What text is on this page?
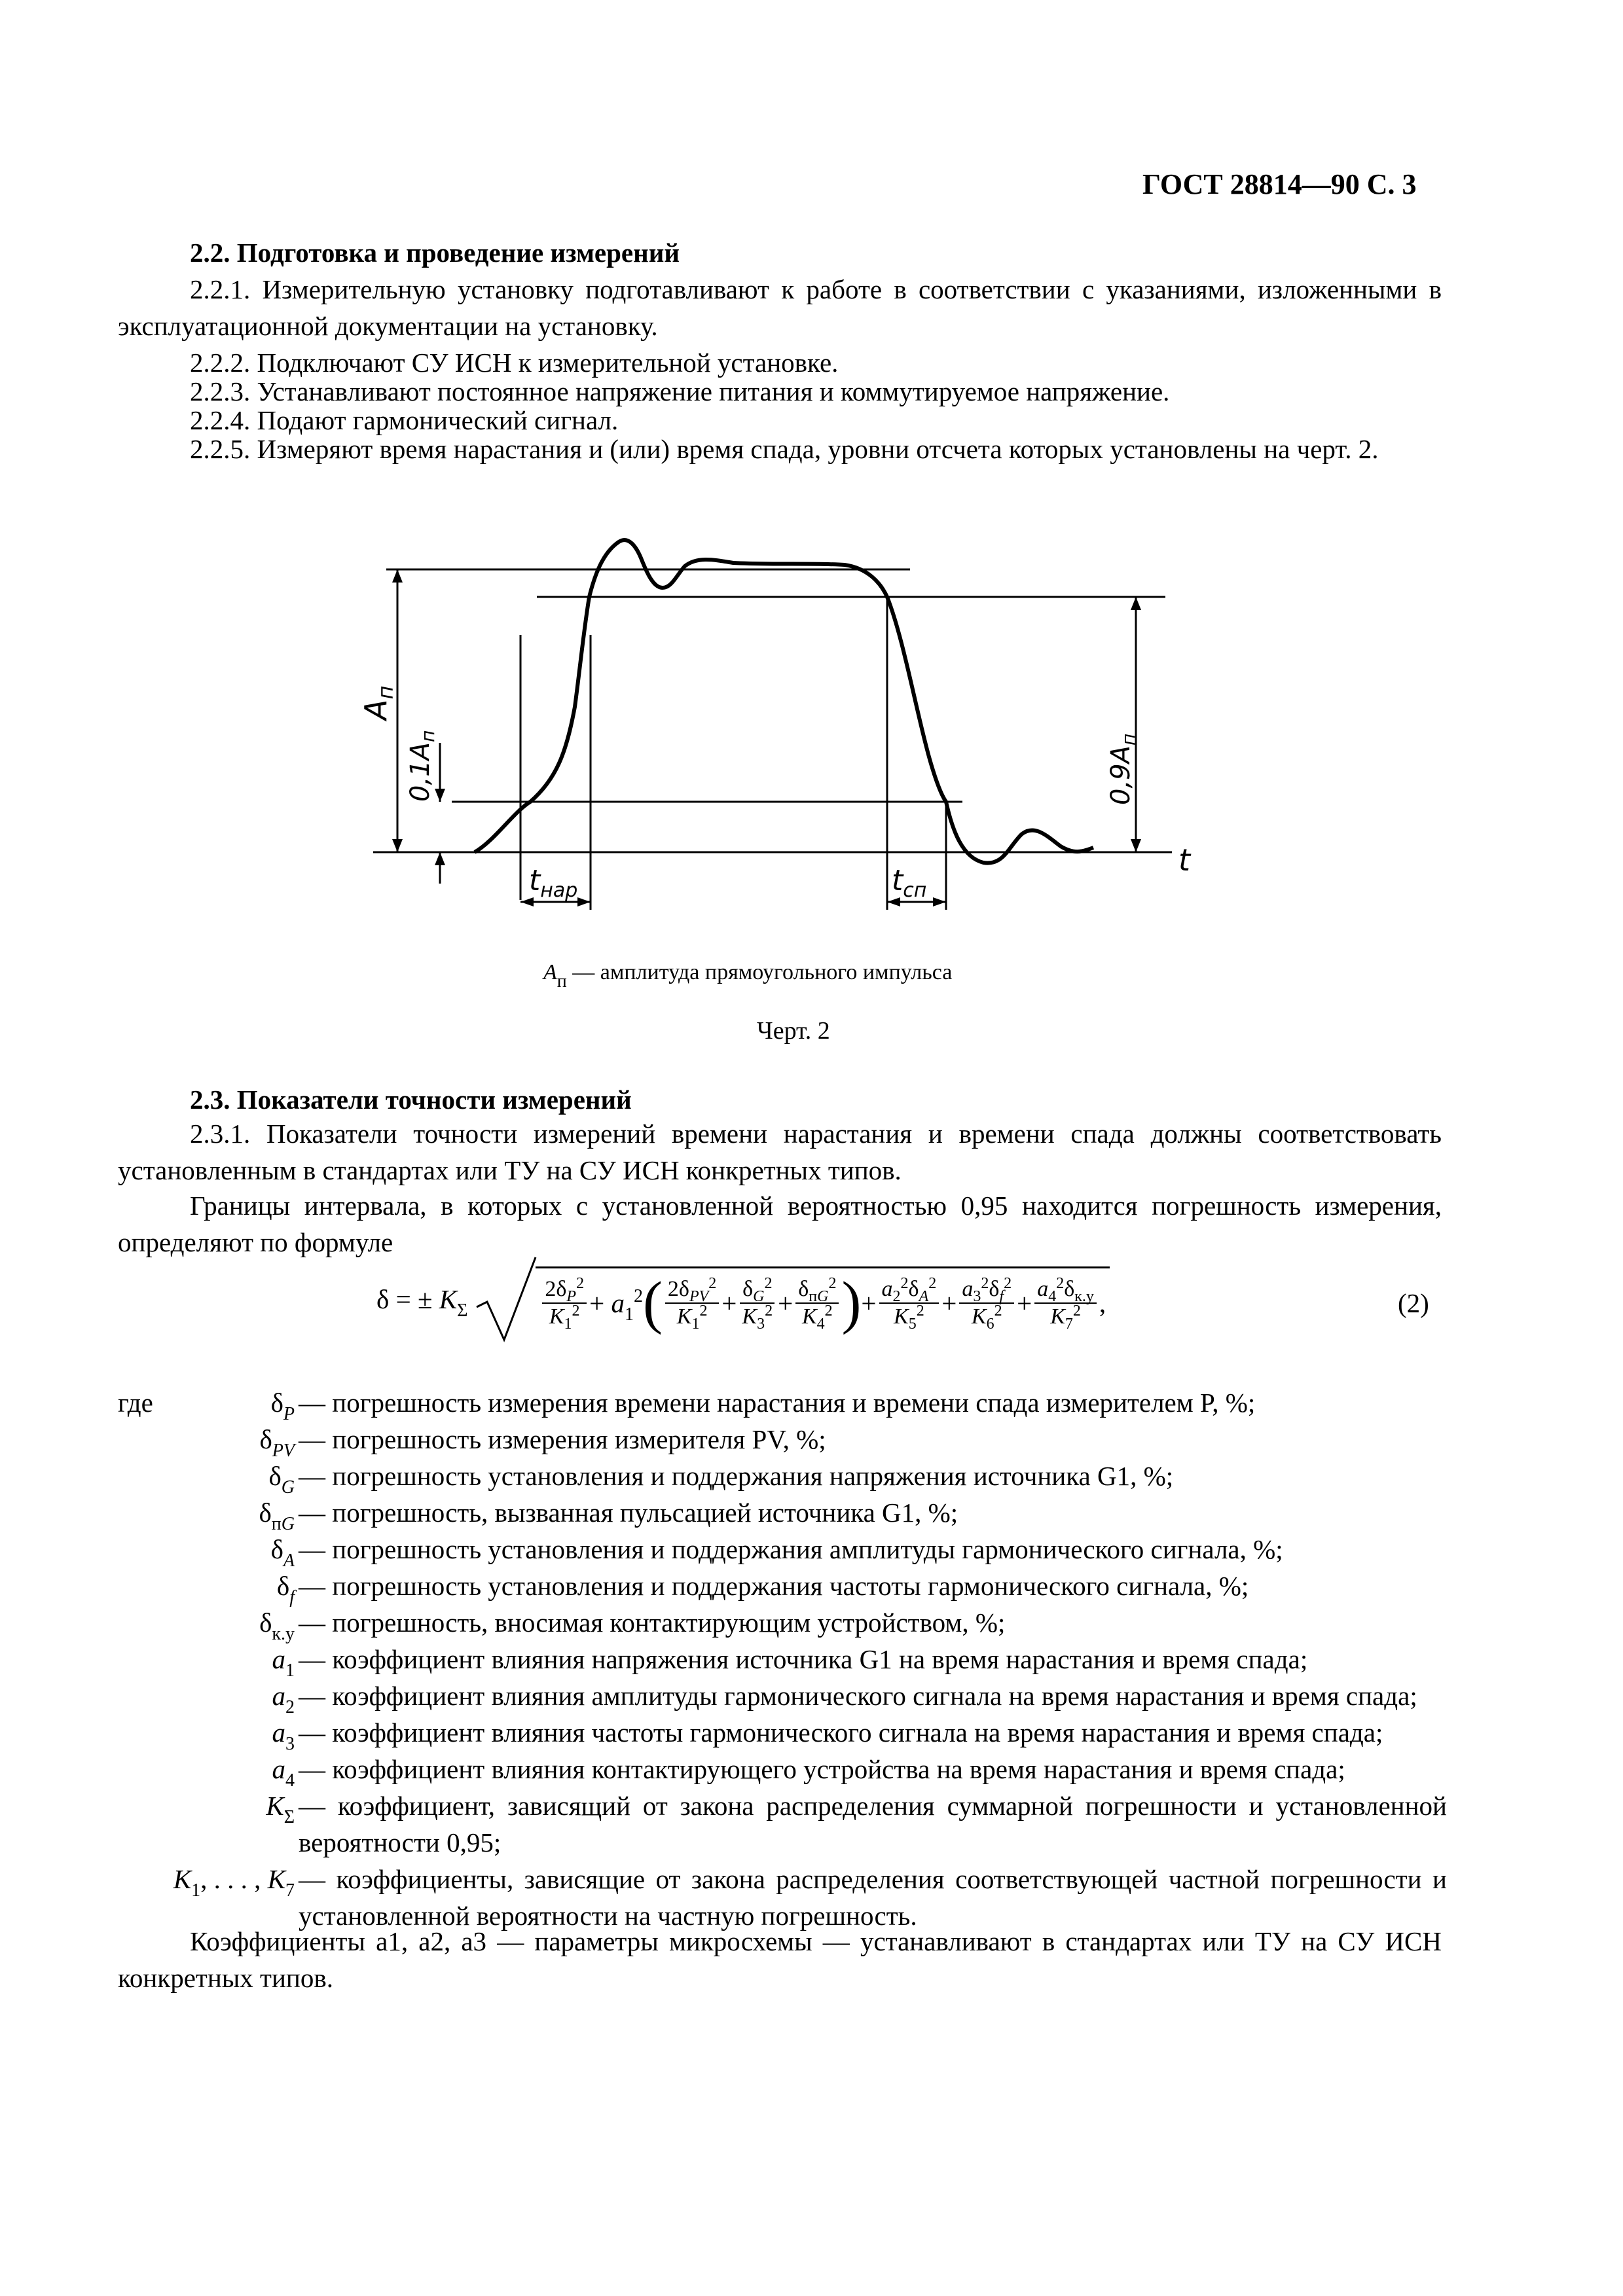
ГОСТ 28814—90 С. 3
2.2. Подготовка и проведение измерений
2.2.1. Измерительную установку подготавливают к работе в соответствии с указаниями, изложенными в эксплуатационной документации на установку.
2.2.2. Подключают СУ ИСН к измерительной установке.
2.2.3. Устанавливают постоянное напряжение питания и коммутируемое напряжение.
2.2.4. Подают гармонический сигнал.
2.2.5. Измеряют время нарастания и (или) время спада, уровни отсчета которых установлены на черт. 2.
$A_п$
$0,1A_п$
$0,9A_п$
t
$t_{нар}$	$t_{сп}$
$A_п$ — амплитуда прямоугольного импульса
Черт. 2
2.3. Показатели точности измерений
2.3.1. Показатели точности измерений времени нарастания и времени спада должны соответствовать установленным в стандартах или ТУ на СУ ИСН конкретных типов.
Границы интервала, в которых с установленной вероятностью 0,95 находится погрешность измерения, определяют по формуле
δ = ± $K_\Sigma$	$\frac{2\delta_P^2}{K_1^2} + a_1^2$ ( $\frac{2\delta_{PV}^2}{K_1^2} + \frac{\delta_G^2}{K_3^2} + \frac{\delta_{пG}^2}{K_4^2}$ ) + $\frac{a_2^2\delta_A^2}{K_5^2} + \frac{a_3^2\delta_f^2}{K_6^2} + \frac{a_4^2\delta_{к.у}}{K_7^2}$ ,	(2)
где	$\delta_P$ — погрешность измерения времени нарастания и времени спада измерителем P, %;
$\delta_{PV}$ — погрешность измерения измерителя PV, %;
$\delta_G$ — погрешность установления и поддержания напряжения источника G1, %;
$\delta_{пG}$ — погрешность, вызванная пульсацией источника G1, %;
$\delta_A$ — погрешность установления и поддержания амплитуды гармонического сигнала, %;
$\delta_f$ — погрешность установления и поддержания частоты гармонического сигнала, %;
$\delta_{к.у}$ — погрешность, вносимая контактирующим устройством, %;
$a_1$ — коэффициент влияния напряжения источника G1 на время нарастания и время спада;
$a_2$ — коэффициент влияния амплитуды гармонического сигнала на время нарастания и время спада;
$a_3$ — коэффициент влияния частоты гармонического сигнала на время нарастания и время спада;
$a_4$ — коэффициент влияния контактирующего устройства на время нарастания и время спада;
$K_\Sigma$ — коэффициент, зависящий от закона распределения суммарной погрешности и установленной вероятности 0,95;
$K_1$, . . . , $K_7$ — коэффициенты, зависящие от закона распределения соответствующей частной погрешности и установленной вероятности на частную погрешность.
Коэффициенты a1, a2, a3 — параметры микросхемы — устанавливают в стандартах или ТУ на СУ ИСН конкретных типов.
